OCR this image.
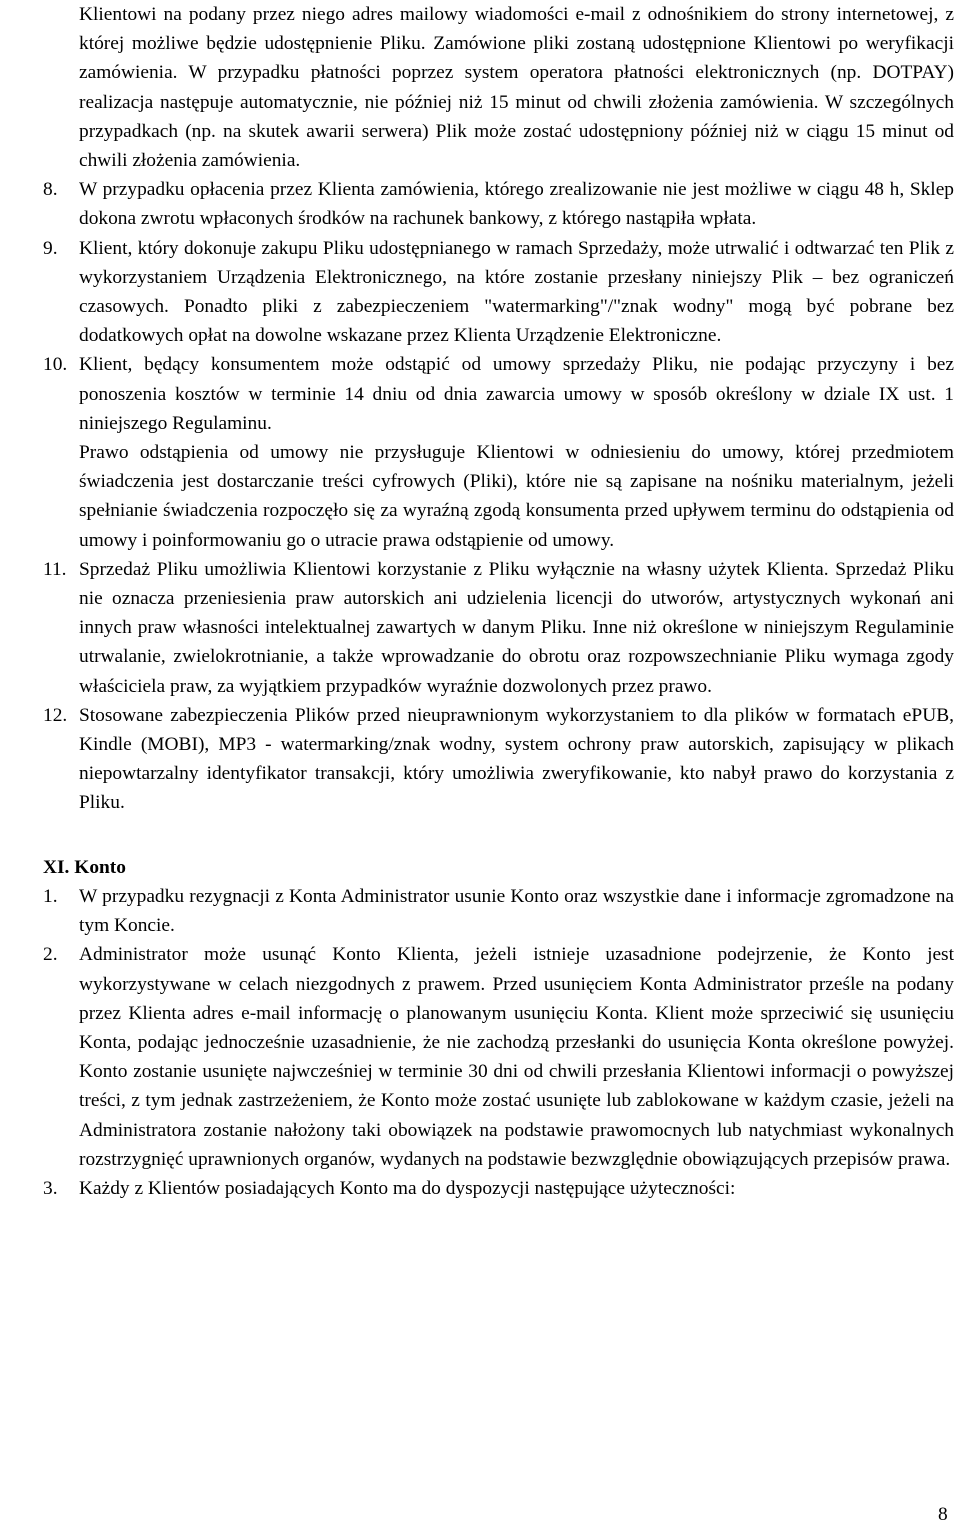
Klientowi na podany przez niego adres mailowy wiadomości e-mail z odnośnikiem do strony internetowej, z której możliwe będzie udostępnienie Pliku. Zamówione pliki zostaną udostępnione Klientowi po weryfikacji zamówienia. W przypadku płatności poprzez system operatora płatności elektronicznych (np. DOTPAY) realizacja następuje automatycznie, nie później niż 15 minut od chwili złożenia zamówienia. W szczególnych przypadkach (np. na skutek awarii serwera) Plik może zostać udostępniony później niż w ciągu 15 minut od chwili złożenia zamówienia.

8. W przypadku opłacenia przez Klienta zamówienia, którego zrealizowanie nie jest możliwe w ciągu 48 h, Sklep dokona zwrotu wpłaconych środków na rachunek bankowy, z którego nastąpiła wpłata.

9. Klient, który dokonuje zakupu Pliku udostępnianego w ramach Sprzedaży, może utrwalić i odtwarzać ten Plik z wykorzystaniem Urządzenia Elektronicznego, na które zostanie przesłany niniejszy Plik – bez ograniczeń czasowych. Ponadto pliki z zabezpieczeniem "watermarking"/"znak wodny" mogą być pobrane bez dodatkowych opłat na dowolne wskazane przez Klienta Urządzenie Elektroniczne.

10. Klient, będący konsumentem może odstąpić od umowy sprzedaży Pliku, nie podając przyczyny i bez ponoszenia kosztów w terminie 14 dniu od dnia zawarcia umowy w sposób określony w dziale IX ust. 1 niniejszego Regulaminu.

Prawo odstąpienia od umowy nie przysługuje Klientowi w odniesieniu do umowy, której przedmiotem świadczenia jest dostarczanie treści cyfrowych (Pliki), które nie są zapisane na nośniku materialnym, jeżeli spełnianie świadczenia rozpoczęło się za wyraźną zgodą konsumenta przed upływem terminu do odstąpienia od umowy i poinformowaniu go o utracie prawa odstąpienie od umowy.

11. Sprzedaż Pliku umożliwia Klientowi korzystanie z Pliku wyłącznie na własny użytek Klienta. Sprzedaż Pliku nie oznacza przeniesienia praw autorskich ani udzielenia licencji do utworów, artystycznych wykonań ani innych praw własności intelektualnej zawartych w danym Pliku. Inne niż określone w niniejszym Regulaminie utrwalanie, zwielokrotnianie, a także wprowadzanie do obrotu oraz rozpowszechnianie Pliku wymaga zgody właściciela praw, za wyjątkiem przypadków wyraźnie dozwolonych przez prawo.

12. Stosowane zabezpieczenia Plików przed nieuprawnionym wykorzystaniem to dla plików w formatach ePUB, Kindle (MOBI), MP3 - watermarking/znak wodny, system ochrony praw autorskich, zapisujący w plikach niepowtarzalny identyfikator transakcji, który umożliwia zweryfikowanie, kto nabył prawo do korzystania z Pliku.

XI. Konto

1. W przypadku rezygnacji z Konta Administrator usunie Konto oraz wszystkie dane i informacje zgromadzone na tym Koncie.

2. Administrator może usunąć Konto Klienta, jeżeli istnieje uzasadnione podejrzenie, że Konto jest wykorzystywane w celach niezgodnych z prawem. Przed usunięciem Konta Administrator prześle na podany przez Klienta adres e-mail informację o planowanym usunięciu Konta. Klient może sprzeciwić się usunięciu Konta, podając jednocześnie uzasadnienie, że nie zachodzą przesłanki do usunięcia Konta określone powyżej. Konto zostanie usunięte najwcześniej w terminie 30 dni od chwili przesłania Klientowi informacji o powyższej treści, z tym jednak zastrzeżeniem, że Konto może zostać usunięte lub zablokowane w każdym czasie, jeżeli na Administratora zostanie nałożony taki obowiązek na podstawie prawomocnych lub natychmiast wykonalnych rozstrzygnięć uprawnionych organów, wydanych na podstawie bezwzględnie obowiązujących przepisów prawa.

3. Każdy z Klientów posiadających Konto ma do dyspozycji następujące użyteczności:

8
